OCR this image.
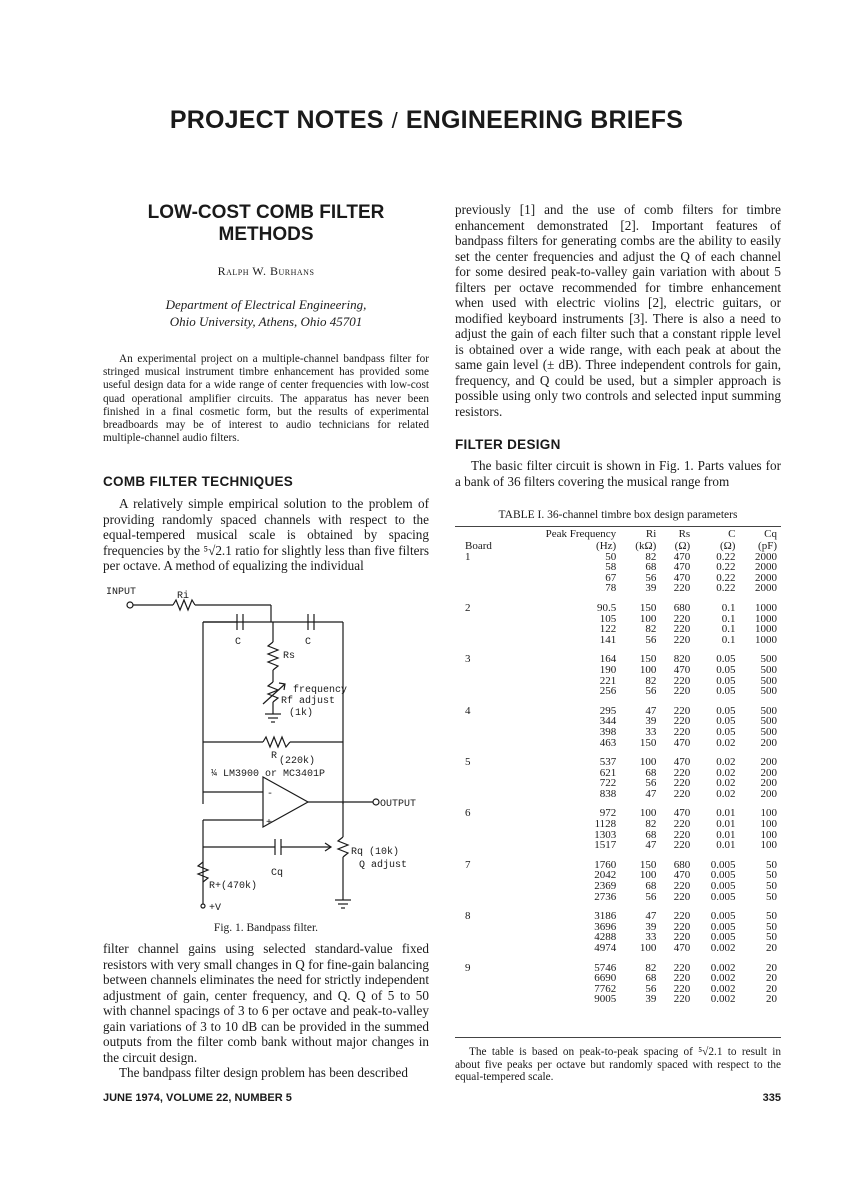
PROJECT NOTES / ENGINEERING BRIEFS
LOW-COST COMB FILTER METHODS
Ralph W. Burhans
Department of Electrical Engineering,
Ohio University, Athens, Ohio 45701
An experimental project on a multiple-channel bandpass filter for stringed musical instrument timbre enhancement has provided some useful design data for a wide range of center frequencies with low-cost quad operational amplifier circuits. The apparatus has never been finished in a final cosmetic form, but the results of experimental breadboards may be of interest to audio technicians for related multiple-channel audio filters.
COMB FILTER TECHNIQUES

A relatively simple empirical solution to the problem of providing randomly spaced channels with respect to the equal-tempered musical scale is obtained by spacing frequencies by the ⁵√2.1 ratio for slightly less than five filters per octave. A method of equalizing the individual

INPUT	Ri
C	C
Rs
frequency
Rf adjust
(1k)
R (220k)
¼ LM3900 or MC3401P
-
+
OUTPUT
Rq (10k)
Q adjust
Cq
R+(470k)
+V
Fig. 1. Bandpass filter.

filter channel gains using selected standard-value fixed resistors with very small changes in Q for fine-gain balancing between channels eliminates the need for strictly independent adjustment of gain, center frequency, and Q. Q of 5 to 50 with channel spacings of 3 to 6 per octave and peak-to-valley gain variations of 3 to 10 dB can be provided in the summed outputs from the filter comb bank without major changes in the circuit design.

The bandpass filter design problem has been described

previously [1] and the use of comb filters for timbre enhancement demonstrated [2]. Important features of bandpass filters for generating combs are the ability to easily set the center frequencies and adjust the Q of each channel for some desired peak-to-valley gain variation with about 5 filters per octave recommended for timbre enhancement when used with electric violins [2], electric guitars, or modified keyboard instruments [3]. There is also a need to adjust the gain of each filter such that a constant ripple level is obtained over a wide range, with each peak at about the same gain level (± dB). Three independent controls for gain, frequency, and Q could be used, but a simpler approach is possible using only two controls and selected input summing resistors.

FILTER DESIGN

The basic filter circuit is shown in Fig. 1. Parts values for a bank of 36 filters covering the musical range from

TABLE I. 36-channel timbre box design parameters
	Peak Frequency	Ri	Rs	C	Cq
Board	(Hz)	(kΩ)	(Ω)	(Ω)	(pF)
1	50	82	470	0.22	2000
	58	68	470	0.22	2000
	67	56	470	0.22	2000
	78	39	220	0.22	2000

2	90.5	150	680	0.1	1000
	105	100	220	0.1	1000
	122	82	220	0.1	1000
	141	56	220	0.1	1000

3	164	150	820	0.05	500
	190	100	470	0.05	500
	221	82	220	0.05	500
	256	56	220	0.05	500

4	295	47	220	0.05	500
	344	39	220	0.05	500
	398	33	220	0.05	500
	463	150	470	0.02	200

5	537	100	470	0.02	200
	621	68	220	0.02	200
	722	56	220	0.02	200
	838	47	220	0.02	200

6	972	100	470	0.01	100
	1128	82	220	0.01	100
	1303	68	220	0.01	100
	1517	47	220	0.01	100

7	1760	150	680	0.005	50
	2042	100	470	0.005	50
	2369	68	220	0.005	50
	2736	56	220	0.005	50

8	3186	47	220	0.005	50
	3696	39	220	0.005	50
	4288	33	220	0.005	50
	4974	100	470	0.002	20

9	5746	82	220	0.002	20
	6690	68	220	0.002	20
	7762	56	220	0.002	20
	9005	39	220	0.002	20
The table is based on peak-to-peak spacing of ⁵√2.1 to result in about five peaks per octave but randomly spaced with respect to the equal-tempered scale.
JUNE 1974, VOLUME 22, NUMBER 5	335
